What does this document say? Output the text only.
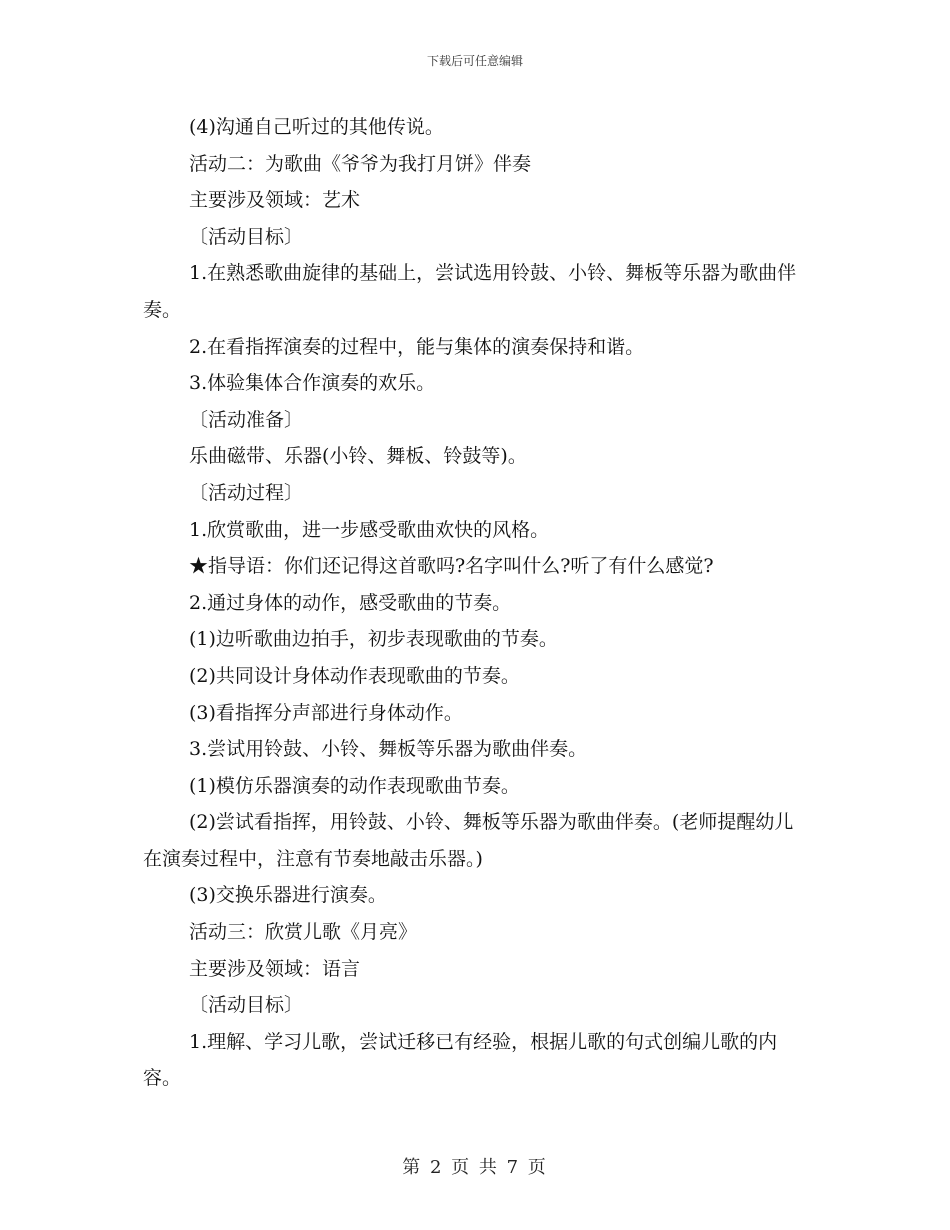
下载后可任意编辑

(4)沟通自己听过的其他传说。

活动二：为歌曲《爷爷为我打月饼》伴奏

主要涉及领域：艺术

〔活动目标〕

1.在熟悉歌曲旋律的基础上，尝试选用铃鼓、小铃、舞板等乐器为歌曲伴奏。

2.在看指挥演奏的过程中，能与集体的演奏保持和谐。

3.体验集体合作演奏的欢乐。

〔活动准备〕

乐曲磁带、乐器(小铃、舞板、铃鼓等)。

〔活动过程〕

1.欣赏歌曲，进一步感受歌曲欢快的风格。

★指导语：你们还记得这首歌吗?名字叫什么?听了有什么感觉?

2.通过身体的动作，感受歌曲的节奏。

(1)边听歌曲边拍手，初步表现歌曲的节奏。

(2)共同设计身体动作表现歌曲的节奏。

(3)看指挥分声部进行身体动作。

3.尝试用铃鼓、小铃、舞板等乐器为歌曲伴奏。

(1)模仿乐器演奏的动作表现歌曲节奏。

(2)尝试看指挥，用铃鼓、小铃、舞板等乐器为歌曲伴奏。(老师提醒幼儿在演奏过程中，注意有节奏地敲击乐器。)

(3)交换乐器进行演奏。

活动三：欣赏儿歌《月亮》

主要涉及领域：语言

〔活动目标〕

1.理解、学习儿歌，尝试迁移已有经验，根据儿歌的句式创编儿歌的内容。

第 2 页 共 7 页
